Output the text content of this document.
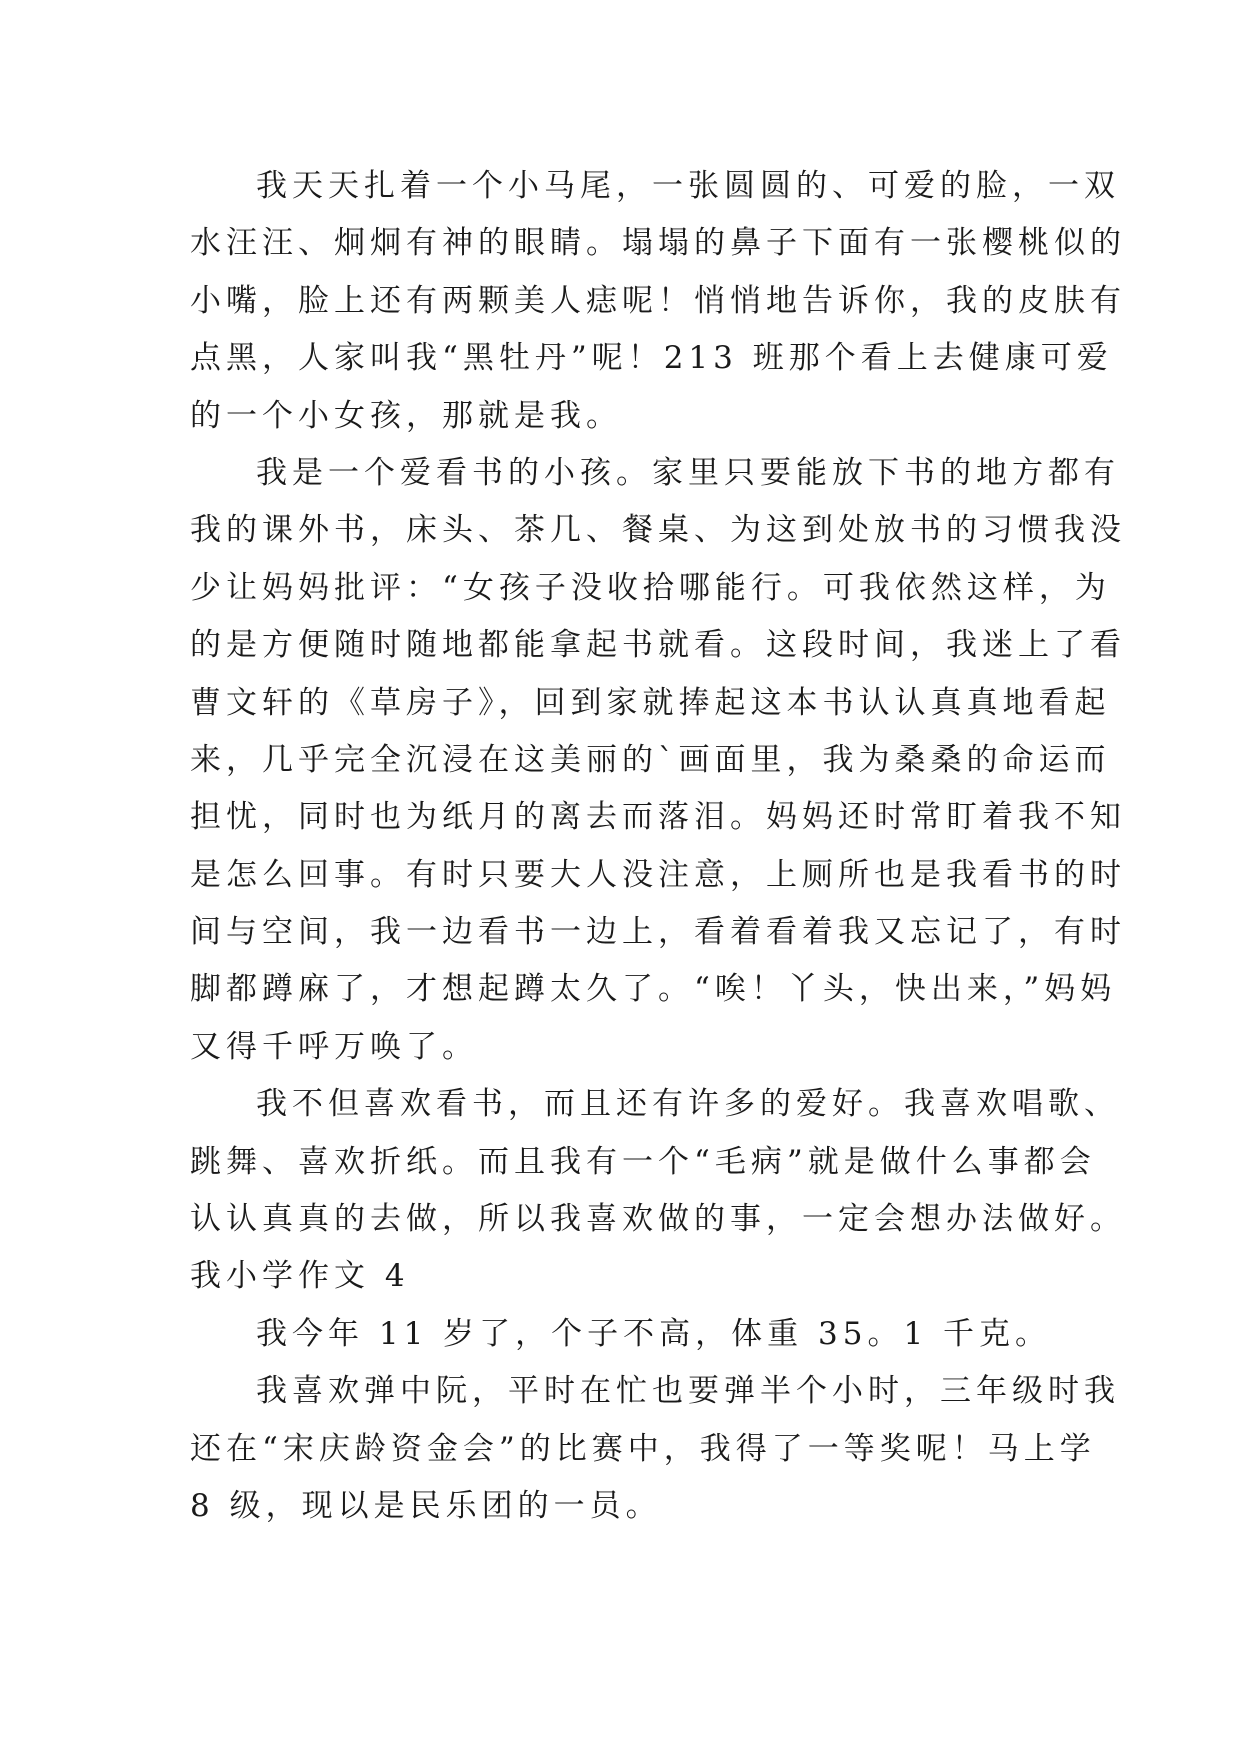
我天天扎着一个小马尾，一张圆圆的、可爱的脸，一双
水汪汪、炯炯有神的眼睛。塌塌的鼻子下面有一张樱桃似的
小嘴，脸上还有两颗美人痣呢！悄悄地告诉你，我的皮肤有
点黑，人家叫我“黑牡丹”呢！213 班那个看上去健康可爱
的一个小女孩，那就是我。
我是一个爱看书的小孩。家里只要能放下书的地方都有
我的课外书，床头、茶几、餐桌、为这到处放书的习惯我没
少让妈妈批评：“女孩子没收拾哪能行。可我依然这样，为
的是方便随时随地都能拿起书就看。这段时间，我迷上了看
曹文轩的《草房子》，回到家就捧起这本书认认真真地看起
来，几乎完全沉浸在这美丽的`画面里，我为桑桑的命运而
担忧，同时也为纸月的离去而落泪。妈妈还时常盯着我不知
是怎么回事。有时只要大人没注意，上厕所也是我看书的时
间与空间，我一边看书一边上，看着看着我又忘记了，有时
脚都蹲麻了，才想起蹲太久了。“唉！丫头，快出来，”妈妈
又得千呼万唤了。
我不但喜欢看书，而且还有许多的爱好。我喜欢唱歌、
跳舞、喜欢折纸。而且我有一个“毛病”就是做什么事都会
认认真真的去做，所以我喜欢做的事，一定会想办法做好。
我小学作文 4
我今年 11 岁了，个子不高，体重 35。1 千克。
我喜欢弹中阮，平时在忙也要弹半个小时，三年级时我
还在“宋庆龄资金会”的比赛中，我得了一等奖呢！马上学
8 级，现以是民乐团的一员。
